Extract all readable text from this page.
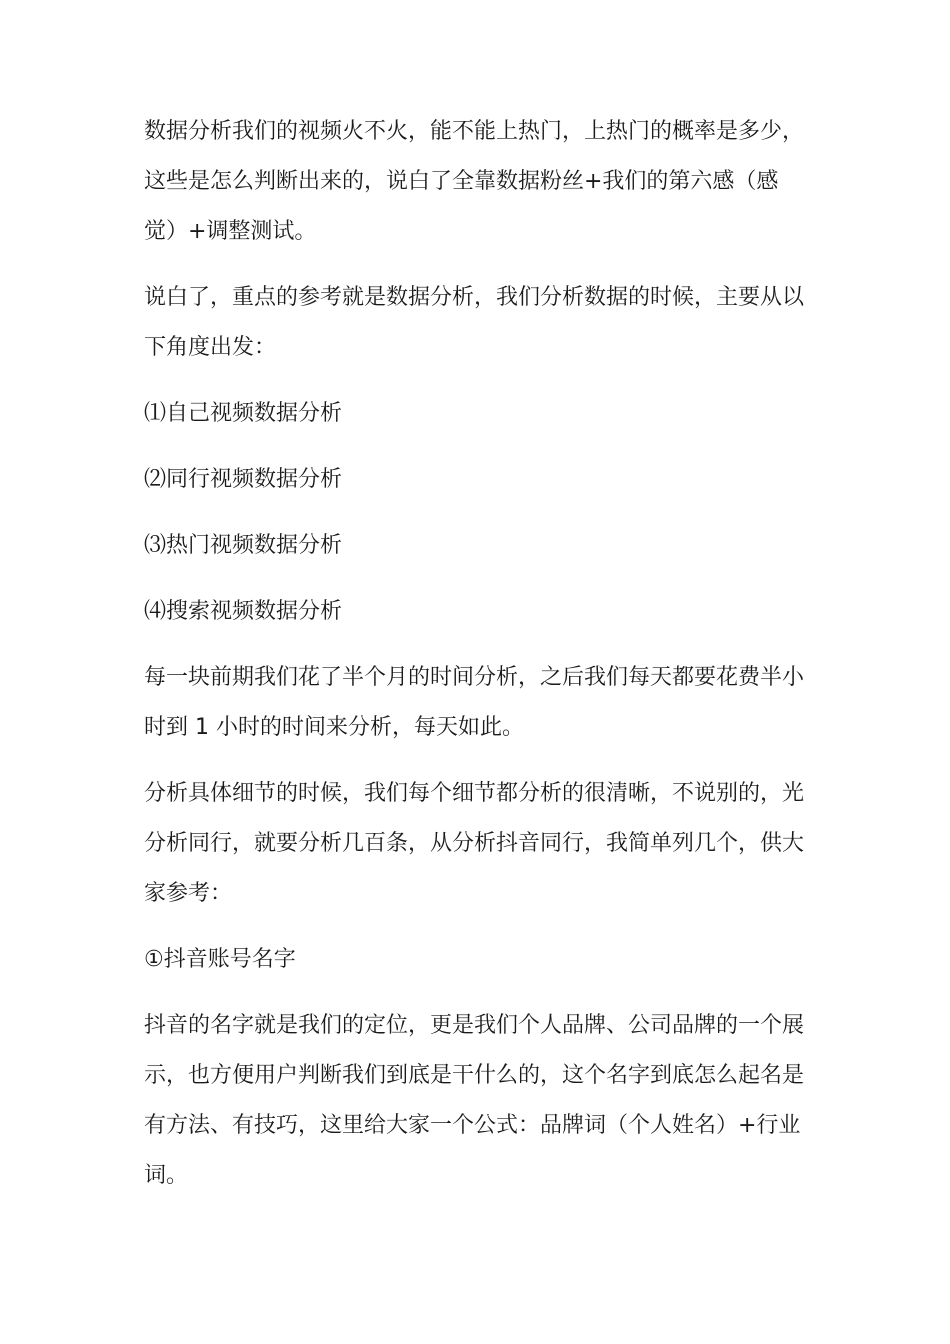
数据分析我们的视频火不火，能不能上热门，上热门的概率是多少，这些是怎么判断出来的，说白了全靠数据粉丝+我们的第六感（感觉）+调整测试。

说白了，重点的参考就是数据分析，我们分析数据的时候，主要从以下角度出发：

⑴自己视频数据分析

⑵同行视频数据分析

⑶热门视频数据分析

⑷搜索视频数据分析

每一块前期我们花了半个月的时间分析，之后我们每天都要花费半小时到 1 小时的时间来分析，每天如此。

分析具体细节的时候，我们每个细节都分析的很清晰，不说别的，光分析同行，就要分析几百条，从分析抖音同行，我简单列几个，供大家参考：

①抖音账号名字

抖音的名字就是我们的定位，更是我们个人品牌、公司品牌的一个展示，也方便用户判断我们到底是干什么的，这个名字到底怎么起名是有方法、有技巧，这里给大家一个公式：品牌词（个人姓名）+行业词。
